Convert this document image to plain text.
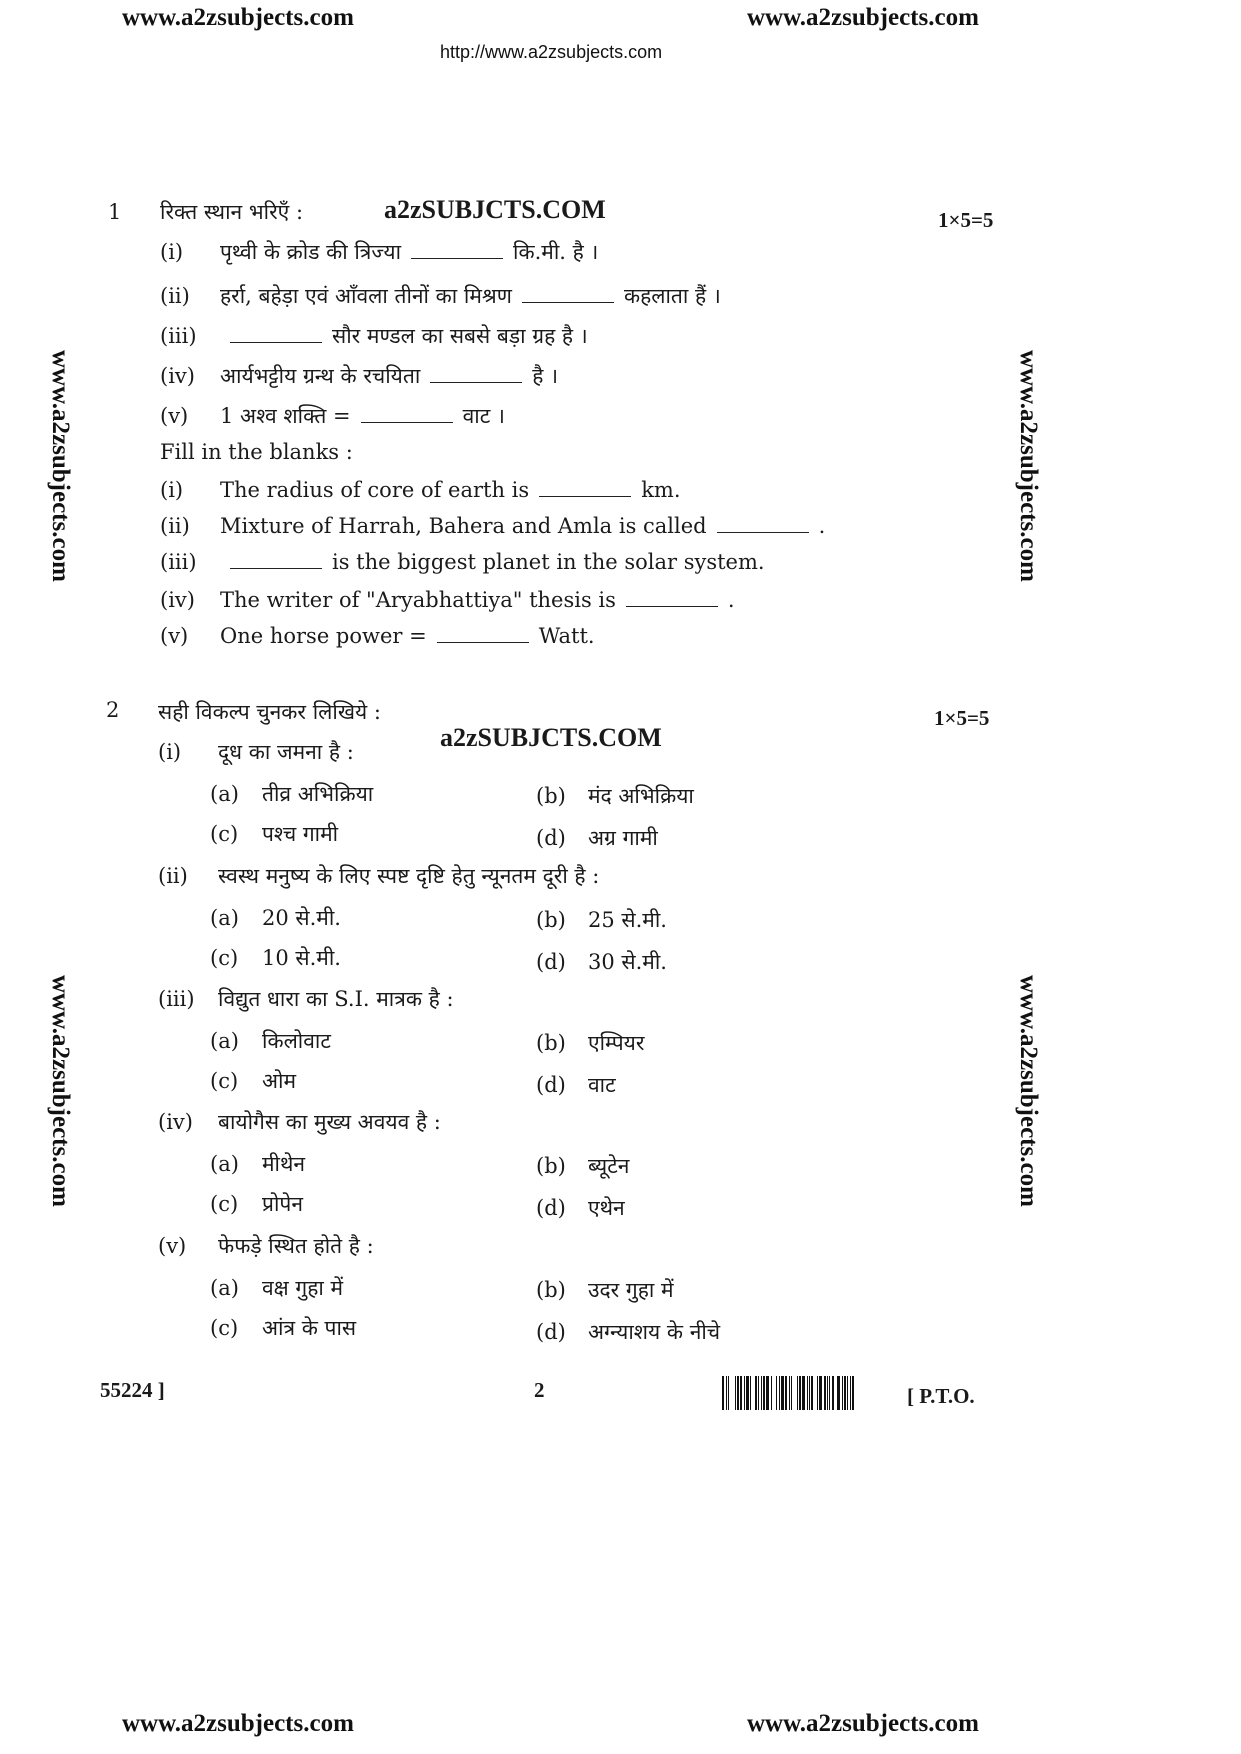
www.a2zsubjects.com	www.a2zsubjects.com
http://www.a2zsubjects.com
www.a2zsubjects.com
www.a2zsubjects.com
www.a2zsubjects.com
www.a2zsubjects.com
1 रिक्त स्थान भरिएँ :	a2zSUBJCTS.COM	1×5=5
(i) पृथ्वी के क्रोड की त्रिज्या	कि.मी. है ।
(ii) हर्रा, बहेड़ा एवं आँवला तीनों का मिश्रण	कहलाता हैं ।
(iii)	सौर मण्डल का सबसे बड़ा ग्रह है ।
(iv) आर्यभट्टीय ग्रन्थ के रचयिता	है ।
(v) 1 अश्व शक्ति =	वाट ।
Fill in the blanks :
(i) The radius of core of earth is	km.
(ii) Mixture of Harrah, Bahera and Amla is called	.
(iii)	is the biggest planet in the solar system.
(iv) The writer of "Aryabhattiya" thesis is	.
(v) One horse power =	Watt.
2 सही विकल्प चुनकर लिखिये :
a2zSUBJCTS.COM
1×5=5
(i) दूध का जमना है :
(a) तीव्र अभिक्रिया	(b) मंद अभिक्रिया
(c) पश्च गामी	(d) अग्र गामी
(ii) स्वस्थ मनुष्य के लिए स्पष्ट दृष्टि हेतु न्यूनतम दूरी है :
(a) 20 से.मी.	(b) 25 से.मी.
(c) 10 से.मी.	(d) 30 से.मी.
(iii) विद्युत धारा का S.I. मात्रक है :
(a) किलोवाट	(b) एम्पियर
(c) ओम	(d) वाट
(iv) बायोगैस का मुख्य अवयव है :
(a) मीथेन	(b) ब्यूटेन
(c) प्रोपेन	(d) एथेन
(v) फेफड़े स्थित होते है :
(a) वक्ष गुहा में	(b) उदर गुहा में
(c) आंत्र के पास	(d) अग्न्याशय के नीचे
55224 ]	2	[ P.T.O.
www.a2zsubjects.com	www.a2zsubjects.com
